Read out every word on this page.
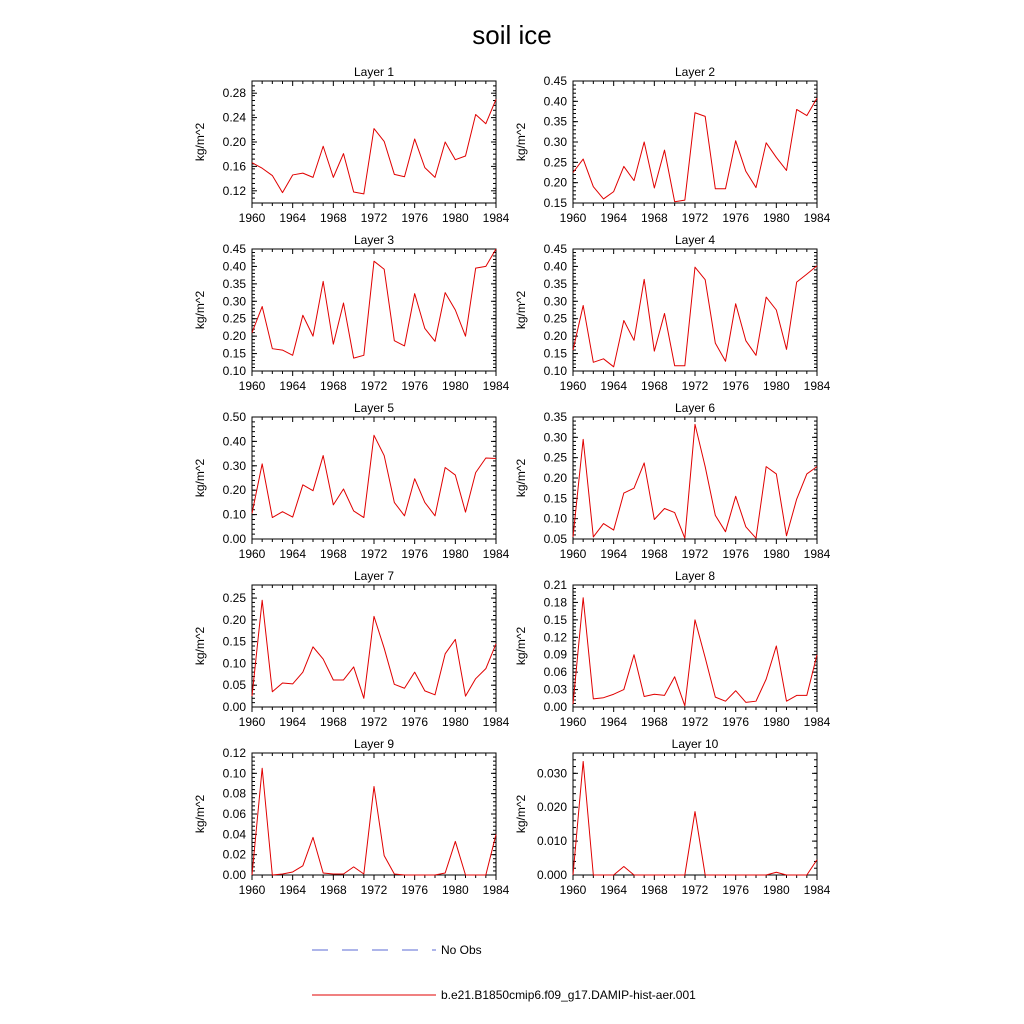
soil ice
Layer 1
kg/m^2
0.12
0.16
0.20
0.24
0.28
1960 1964 1968 1972 1976 1980 1984
Layer 2
kg/m^2
0.15
0.20
0.25
0.30
0.35
0.40
0.45
1960 1964 1968 1972 1976 1980 1984
Layer 3
kg/m^2
0.10
0.15
0.20
0.25
0.30
0.35
0.40
0.45
1960 1964 1968 1972 1976 1980 1984
Layer 4
kg/m^2
0.10
0.15
0.20
0.25
0.30
0.35
0.40
0.45
1960 1964 1968 1972 1976 1980 1984
Layer 5
kg/m^2
0.00
0.10
0.20
0.30
0.40
0.50
1960 1964 1968 1972 1976 1980 1984
Layer 6
kg/m^2
0.05
0.10
0.15
0.20
0.25
0.30
0.35
1960 1964 1968 1972 1976 1980 1984
Layer 7
kg/m^2
0.00
0.05
0.10
0.15
0.20
0.25
1960 1964 1968 1972 1976 1980 1984
Layer 8
kg/m^2
0.00
0.03
0.06
0.09
0.12
0.15
0.18
0.21
1960 1964 1968 1972 1976 1980 1984
Layer 9
kg/m^2
0.00
0.02
0.04
0.06
0.08
0.10
0.12
1960 1964 1968 1972 1976 1980 1984
Layer 10
kg/m^2
0.000
0.010
0.020
0.030
1960 1964 1968 1972 1976 1980 1984
No Obs
b.e21.B1850cmip6.f09_g17.DAMIP-hist-aer.001
